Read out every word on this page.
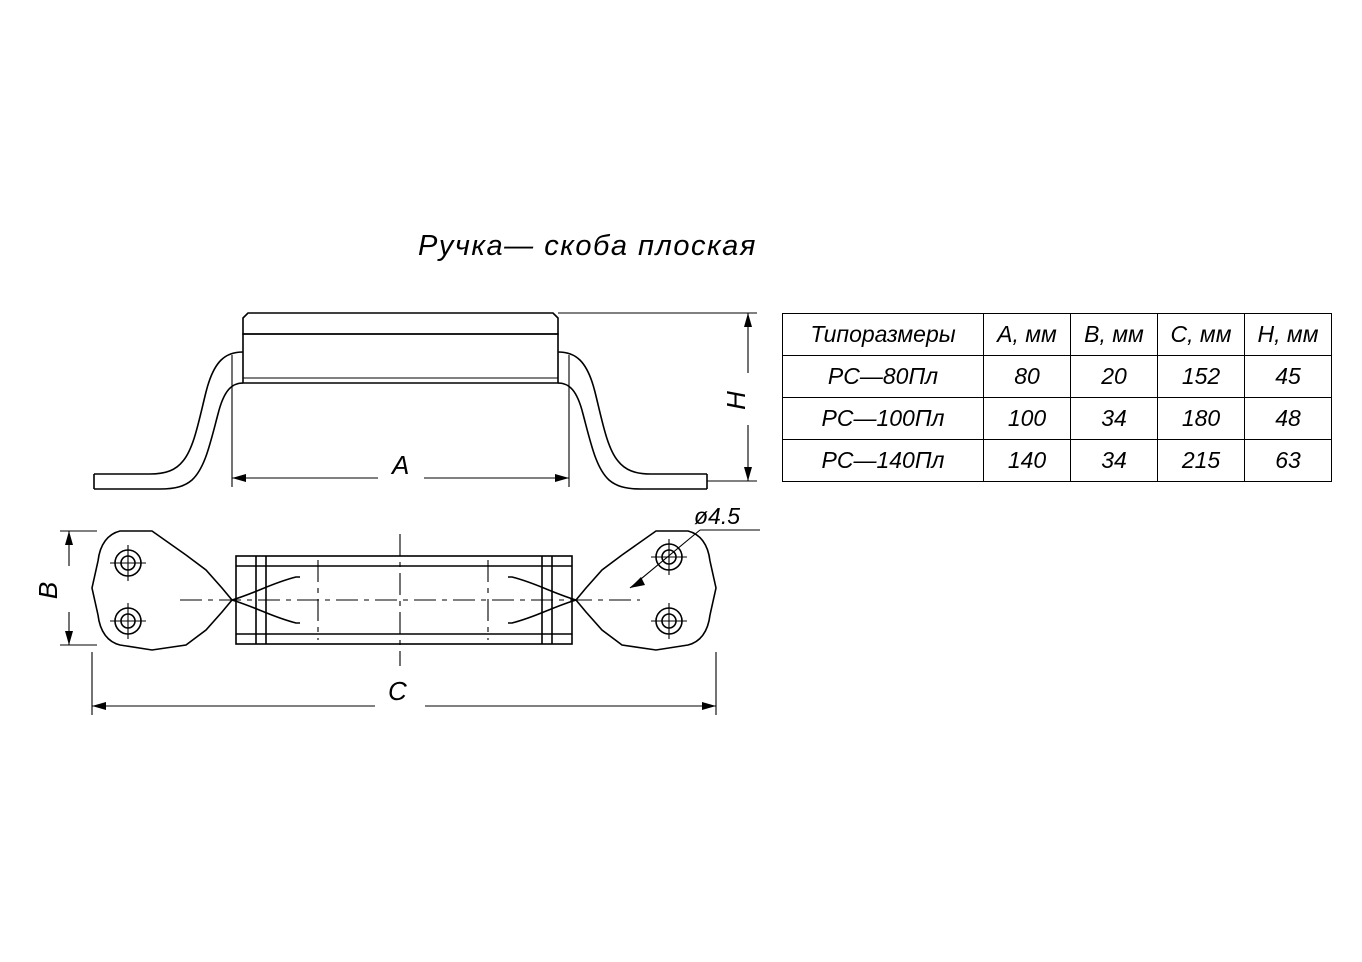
Ручка— скоба плоская
Н
А
В
С
ø4.5
Типоразмеры	А, мм	В, мм	С, мм	Н, мм
РС—80Пл	80	20	152	45
РС—100Пл	100	34	180	48
РС—140Пл	140	34	215	63
